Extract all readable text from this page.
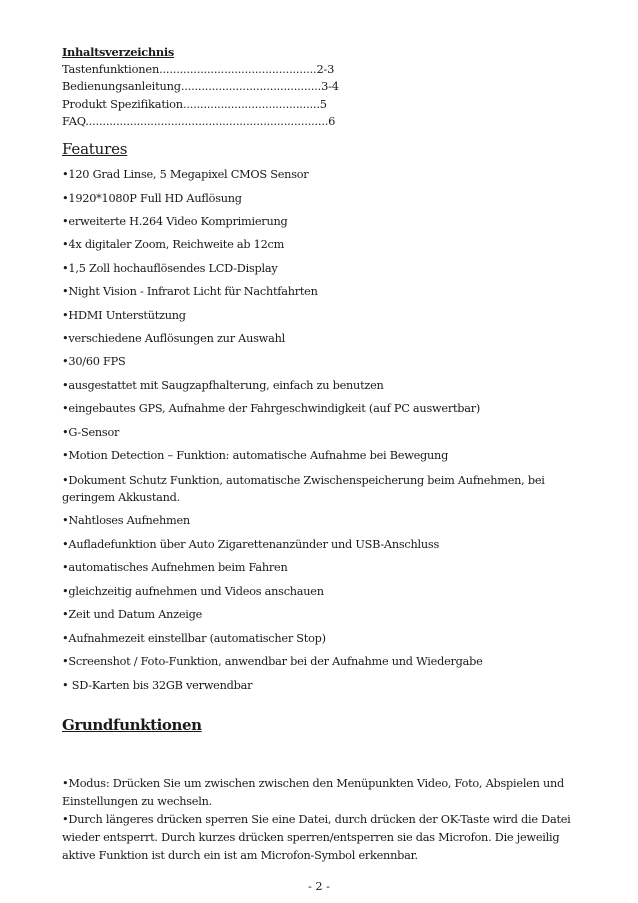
Inhaltsverzeichnis
Tastenfunktionen..............................................2-3
Bedienungsanleitung.........................................3-4
Produkt Spezifikation........................................5
FAQ.......................................................................6
Features
•120 Grad Linse, 5 Megapixel CMOS Sensor
•1920*1080P Full HD Auflösung
•erweiterte H.264 Video Komprimierung
•4x digitaler Zoom, Reichweite ab 12cm
•1,5 Zoll hochauflösendes LCD-Display
•Night Vision - Infrarot Licht für Nachtfahrten
•HDMI Unterstützung
•verschiedene Auflösungen zur Auswahl
•30/60 FPS
•ausgestattet mit Saugzapfhalterung, einfach zu benutzen
•eingebautes GPS, Aufnahme der Fahrgeschwindigkeit (auf PC auswertbar)
•G-Sensor
•Motion Detection – Funktion: automatische Aufnahme bei Bewegung
•Dokument Schutz Funktion, automatische Zwischenspeicherung beim Aufnehmen, bei geringem Akkustand.
•Nahtloses Aufnehmen
•Aufladefunktion über Auto Zigarettenanzünder und USB-Anschluss
•automatisches Aufnehmen beim Fahren
•gleichzeitig aufnehmen und Videos anschauen
•Zeit und Datum Anzeige
•Aufnahmezeit einstellbar (automatischer Stop)
•Screenshot / Foto-Funktion, anwendbar bei der Aufnahme und Wiedergabe
• SD-Karten bis 32GB verwendbar
Grundfunktionen
•Modus: Drücken Sie um zwischen zwischen den Menüpunkten Video, Foto, Abspielen und Einstellungen zu wechseln.
•Durch längeres drücken sperren Sie eine Datei, durch drücken der OK-Taste wird die Datei wieder entsperrt. Durch kurzes drücken sperren/entsperren sie das Microfon. Die jeweilig aktive Funktion ist durch ein ist am Microfon-Symbol erkennbar.
- 2 -
